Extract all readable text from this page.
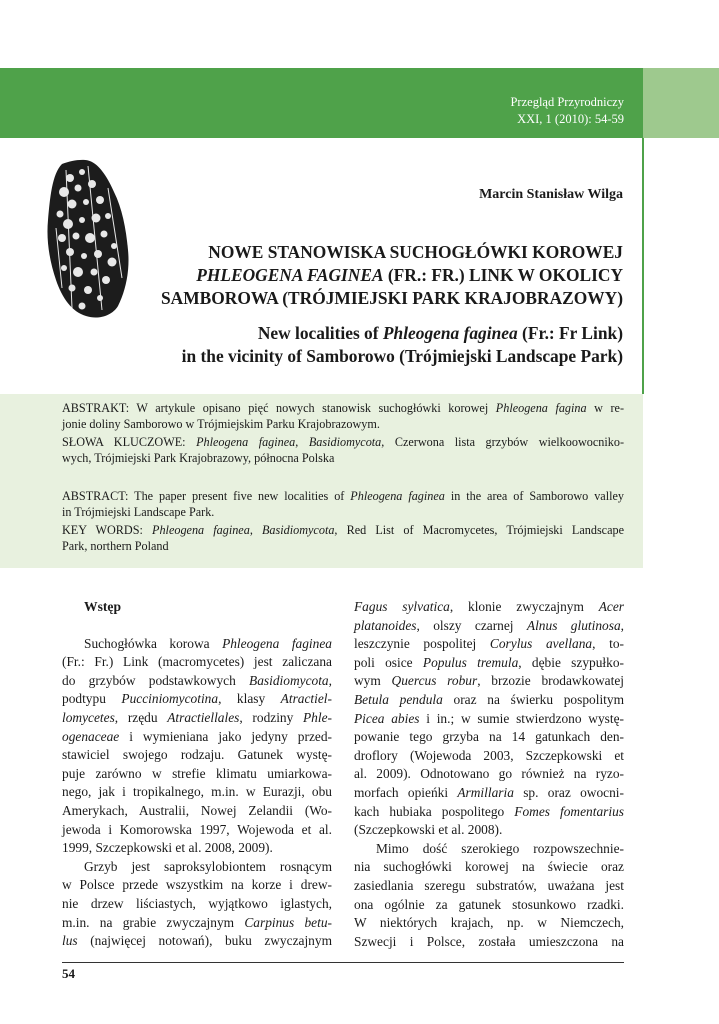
Przegląd Przyrodniczy
XXI, 1 (2010): 54-59
Marcin Stanisław Wilga
NOWE STANOWISKA SUCHOGŁÓWKI KOROWEJ
PHLEOGENA FAGINEA (FR.: FR.) LINK W OKOLICY
SAMBOROWA (TRÓJMIEJSKI PARK KRAJOBRAZOWY)
New localities of Phleogena faginea (Fr.: Fr Link)
in the vicinity of Samborowo (Trójmiejski Landscape Park)

ABSTRAKT: W artykule opisano pięć nowych stanowisk suchogłówki korowej Phleogena fagina w re-

jonie doliny Samborowo w Trójmiejskim Parku Krajobrazowym.

SŁOWA KLUCZOWE: Phleogena faginea, Basidiomycota, Czerwona lista grzybów wielkoowocniko-

wych, Trójmiejski Park Krajobrazowy, północna Polska

ABSTRACT: The paper present five new localities of Phleogena faginea in the area of Samborowo valley

in Trójmiejski Landscape Park.

KEY WORDS: Phleogena faginea, Basidiomycota, Red List of Macromycetes, Trójmiejski Landscape

Park, northern Poland

Wstęp

Suchogłówka korowa Phleogena faginea

(Fr.: Fr.) Link (macromycetes) jest zaliczana

do grzybów podstawkowych Basidiomycota,

podtypu Pucciniomycotina, klasy Atractiel-

lomycetes, rzędu Atractiellales, rodziny Phle-

ogenaceae i wymieniana jako jedyny przed-

stawiciel swojego rodzaju. Gatunek wystę-

puje zarówno w strefie klimatu umiarkowa-

nego, jak i tropikalnego, m.in. w Eurazji, obu

Amerykach, Australii, Nowej Zelandii (Wo-

jewoda i Komorowska 1997, Wojewoda et al.

1999, Szczepkowski et al. 2008, 2009).

Grzyb jest saproksylobiontem rosnącym

w Polsce przede wszystkim na korze i drew-

nie drzew liściastych, wyjątkowo iglastych,

m.in. na grabie zwyczajnym Carpinus betu-

lus (najwięcej notowań), buku zwyczajnym

Fagus sylvatica, klonie zwyczajnym Acer

platanoides, olszy czarnej Alnus glutinosa,

leszczynie pospolitej Corylus avellana, to-

poli osice Populus tremula, dębie szypułko-

wym Quercus robur, brzozie brodawkowatej

Betula pendula oraz na świerku pospolitym

Picea abies i in.; w sumie stwierdzono wystę-

powanie tego grzyba na 14 gatunkach den-

droflory (Wojewoda 2003, Szczepkowski et

al. 2009). Odnotowano go również na ryzo-

morfach opieńki Armillaria sp. oraz owocni-

kach hubiaka pospolitego Fomes fomentarius

(Szczepkowski et al. 2008).

Mimo dość szerokiego rozpowszechnie-

nia suchogłówki korowej na świecie oraz

zasiedlania szeregu substratów, uważana jest

ona ogólnie za gatunek stosunkowo rzadki.

W niektórych krajach, np. w Niemczech,

Szwecji i Polsce, została umieszczona na

54
